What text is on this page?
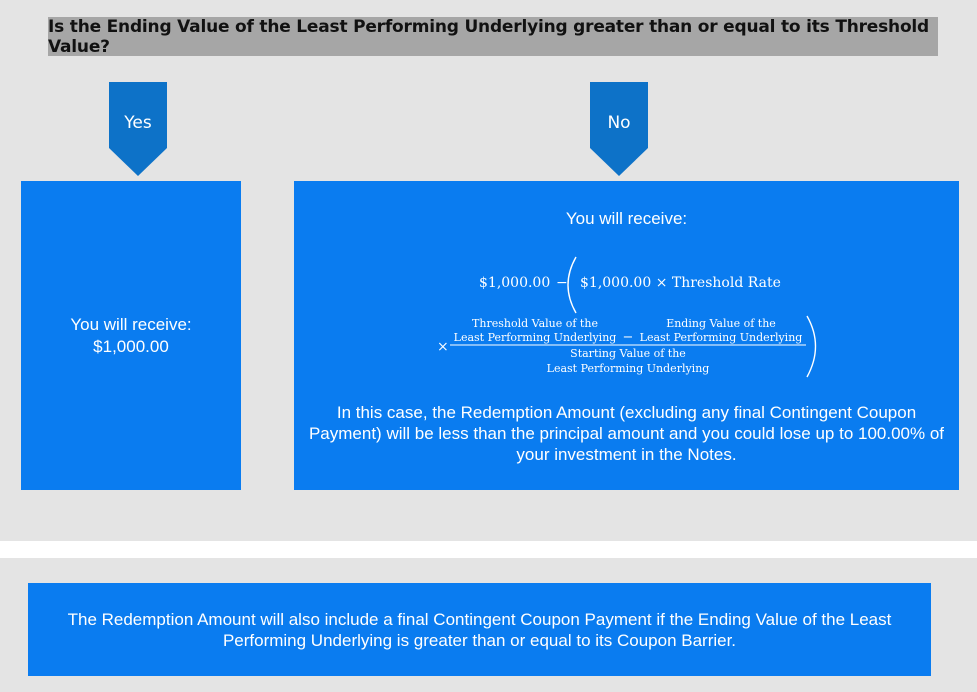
Is the Ending Value of the Least Performing Underlying greater than or equal to its Threshold Value?
Yes	No
You will receive:
$1,000.00
You will receive:
$1,000.00 − $1,000.00 × Threshold Rate
×
Threshold Value of the
Least Performing Underlying −
Ending Value of the
Least Performing Underlying
Starting Value of the
Least Performing Underlying
In this case, the Redemption Amount (excluding any final Contingent Coupon Payment) will be less than the principal amount and you could lose up to 100.00% of your investment in the Notes.
The Redemption Amount will also include a final Contingent Coupon Payment if the Ending Value of the Least Performing Underlying is greater than or equal to its Coupon Barrier.
